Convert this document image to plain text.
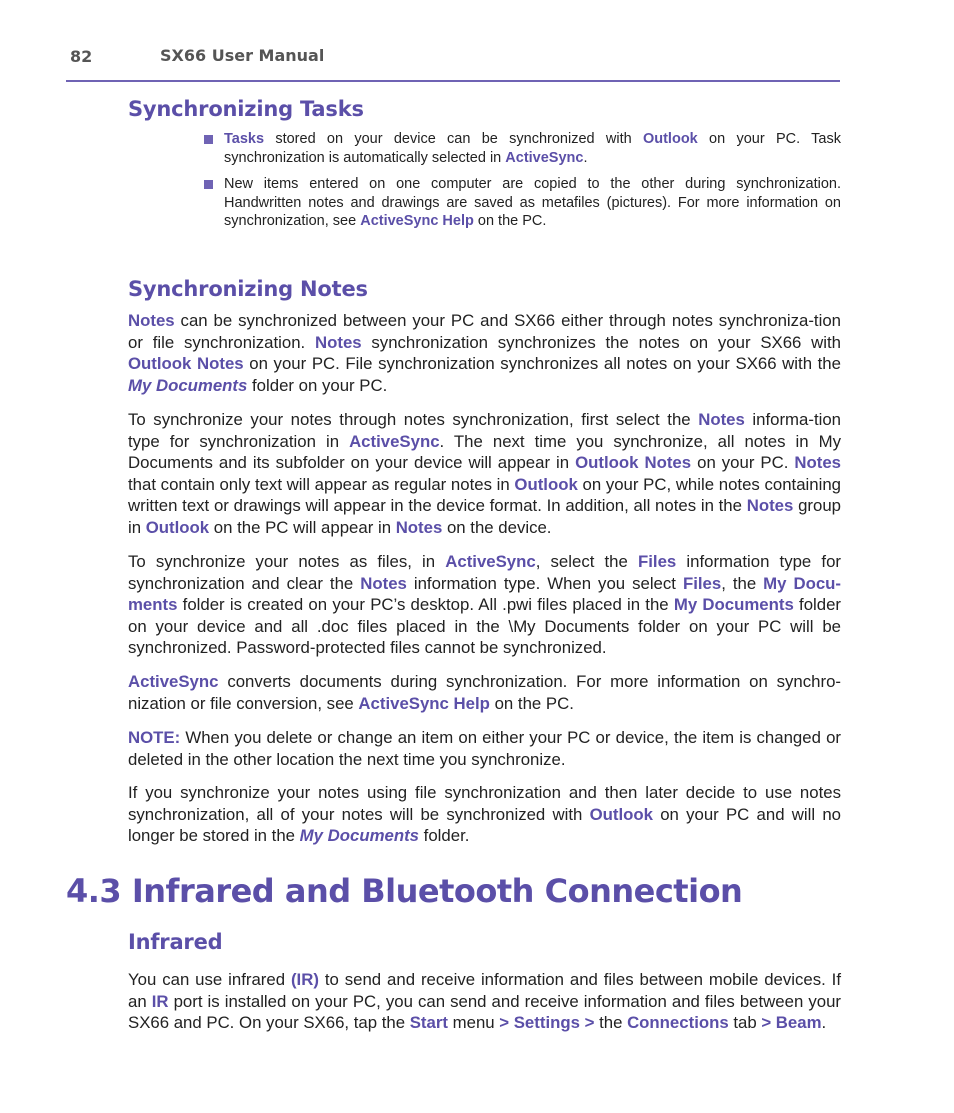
82	SX66 User Manual
Synchronizing Tasks
Tasks stored on your device can be synchronized with Outlook on your PC. Task synchronization is automatically selected in ActiveSync.
New items entered on one computer are copied to the other during synchronization. Handwritten notes and drawings are saved as metafiles (pictures). For more information on synchronization, see ActiveSync Help on the PC.
Synchronizing Notes

Notes can be synchronized between your PC and SX66 either through notes synchroniza-tion or file synchronization. Notes synchronization synchronizes the notes on your SX66 with Outlook Notes on your PC. File synchronization synchronizes all notes on your SX66 with the My Documents folder on your PC.

To synchronize your notes through notes synchronization, first select the Notes informa-tion type for synchronization in ActiveSync. The next time you synchronize, all notes in My Documents and its subfolder on your device will appear in Outlook Notes on your PC. Notes that contain only text will appear as regular notes in Outlook on your PC, while notes containing written text or drawings will appear in the device format. In addition, all notes in the Notes group in Outlook on the PC will appear in Notes on the device.

To synchronize your notes as files, in ActiveSync, select the Files information type for synchronization and clear the Notes information type. When you select Files, the My Docu-ments folder is created on your PC’s desktop. All .pwi files placed in the My Documents folder on your device and all .doc files placed in the \My Documents folder on your PC will be synchronized. Password-protected files cannot be synchronized.

ActiveSync converts documents during synchronization. For more information on synchro-nization or file conversion, see ActiveSync Help on the PC.

NOTE: When you delete or change an item on either your PC or device, the item is changed or deleted in the other location the next time you synchronize.

If you synchronize your notes using file synchronization and then later decide to use notes synchronization, all of your notes will be synchronized with Outlook on your PC and will no longer be stored in the My Documents folder.

4.3 Infrared and Bluetooth Connection
Infrared

You can use infrared (IR) to send and receive information and files between mobile devices. If an IR port is installed on your PC, you can send and receive information and files between your SX66 and PC. On your SX66, tap the Start menu > Settings > the Connections tab > Beam.
